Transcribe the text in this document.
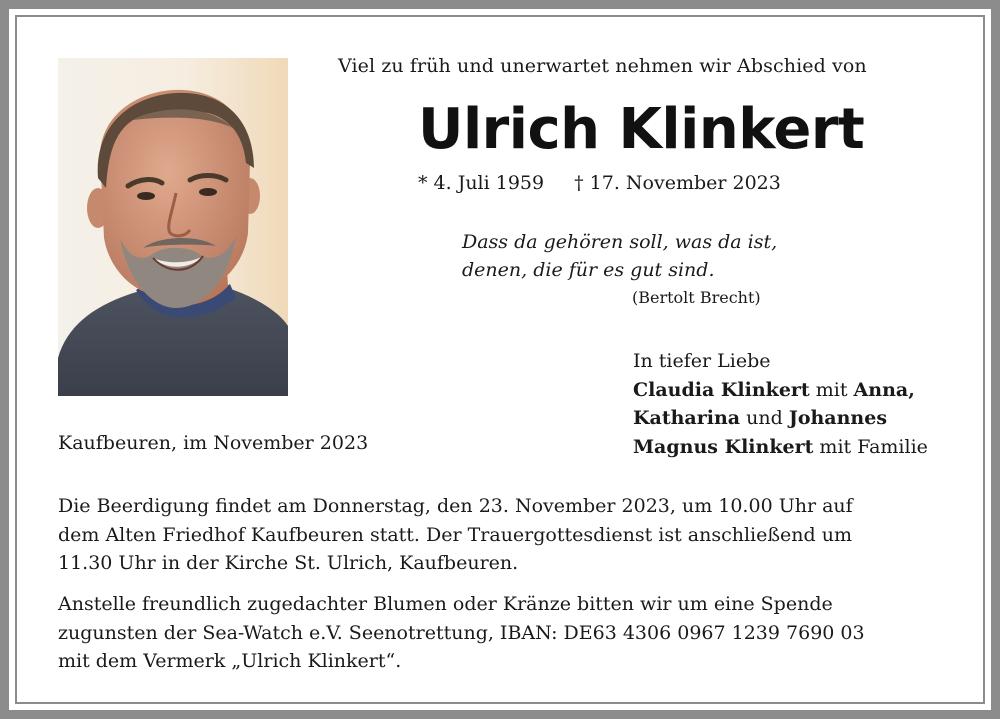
Viel zu früh und unerwartet nehmen wir Abschied von
Ulrich Klinkert
* 4. Juli 1959 † 17. November 2023
Dass da gehören soll, was da ist,
denen, die für es gut sind.
(Bertolt Brecht)
In tiefer Liebe
Claudia Klinkert mit Anna,
Katharina und Johannes
Magnus Klinkert mit Familie
Kaufbeuren, im November 2023
Die Beerdigung findet am Donnerstag, den 23. November 2023, um 10.00 Uhr auf
dem Alten Friedhof Kaufbeuren statt. Der Trauergottesdienst ist anschließend um
11.30 Uhr in der Kirche St. Ulrich, Kaufbeuren.
Anstelle freundlich zugedachter Blumen oder Kränze bitten wir um eine Spende
zugunsten der Sea-Watch e.V. Seenotrettung, IBAN: DE63 4306 0967 1239 7690 03
mit dem Vermerk „Ulrich Klinkert“.
